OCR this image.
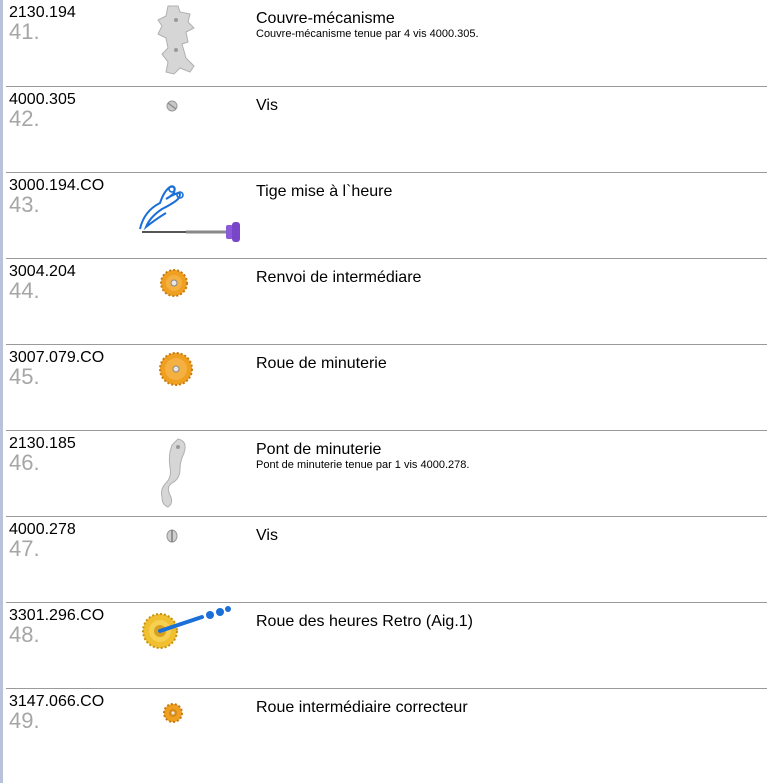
2130.194
41.
Couvre-mécanisme
Couvre-mécanisme tenue par 4 vis 4000.305.
4000.305
42.
Vis
3000.194.CO
43.
Tige mise à l`heure
3004.204
44.
Renvoi de intermédiare
3007.079.CO
45.
Roue de minuterie
2130.185
46.
Pont de minuterie
Pont de minuterie tenue par 1 vis 4000.278.
4000.278
47.
Vis
3301.296.CO
48.
Roue des heures Retro (Aig.1)
3147.066.CO
49.
Roue intermédiaire correcteur
